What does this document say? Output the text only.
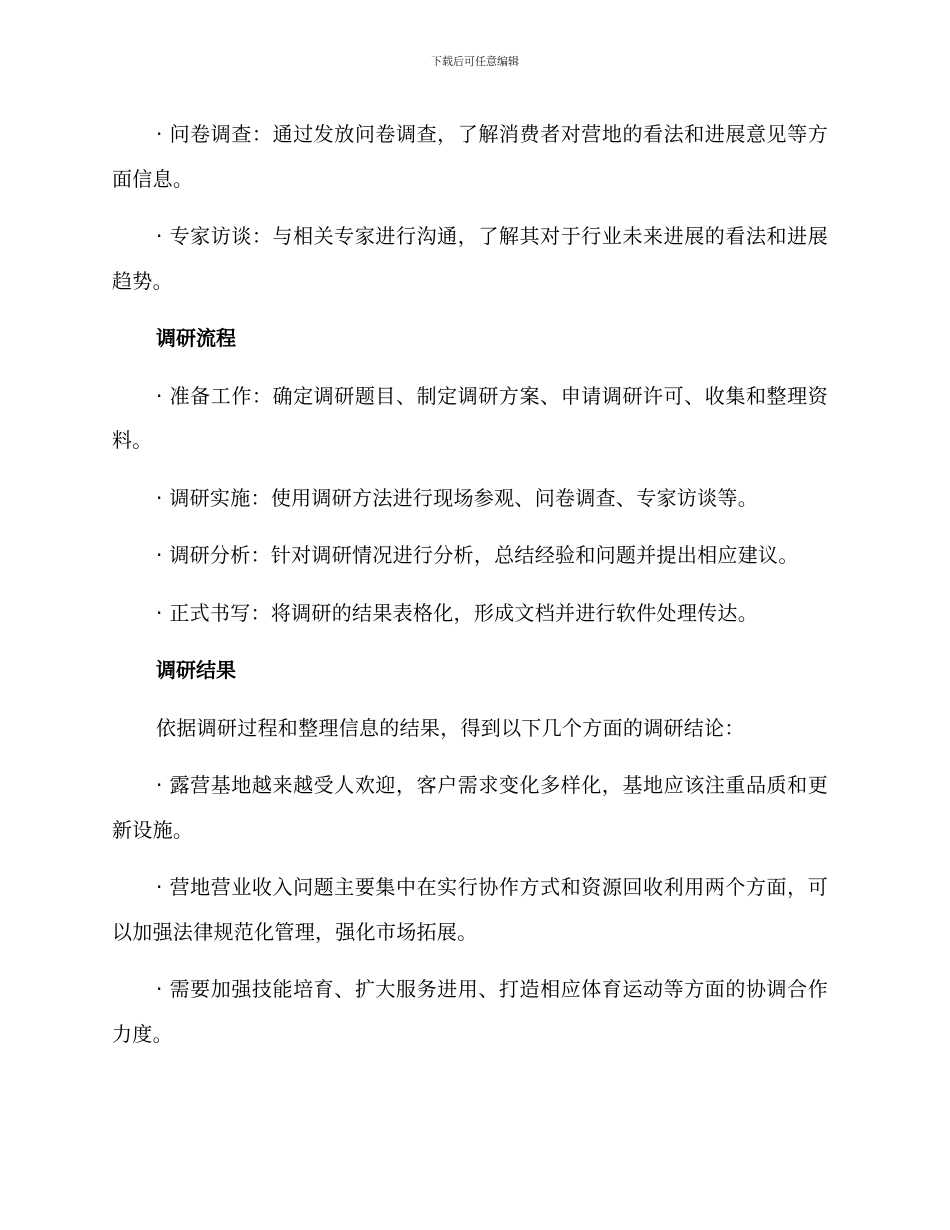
下载后可任意编辑

· 问卷调查：通过发放问卷调查，了解消费者对营地的看法和进展意见等方面信息。

· 专家访谈：与相关专家进行沟通，了解其对于行业未来进展的看法和进展趋势。

调研流程

· 准备工作：确定调研题目、制定调研方案、申请调研许可、收集和整理资料。

· 调研实施：使用调研方法进行现场参观、问卷调查、专家访谈等。

· 调研分析：针对调研情况进行分析，总结经验和问题并提出相应建议。

· 正式书写：将调研的结果表格化，形成文档并进行软件处理传达。

调研结果

依据调研过程和整理信息的结果，得到以下几个方面的调研结论：

· 露营基地越来越受人欢迎，客户需求变化多样化，基地应该注重品质和更新设施。

· 营地营业收入问题主要集中在实行协作方式和资源回收利用两个方面，可以加强法律规范化管理，强化市场拓展。

· 需要加强技能培育、扩大服务进用、打造相应体育运动等方面的协调合作力度。
